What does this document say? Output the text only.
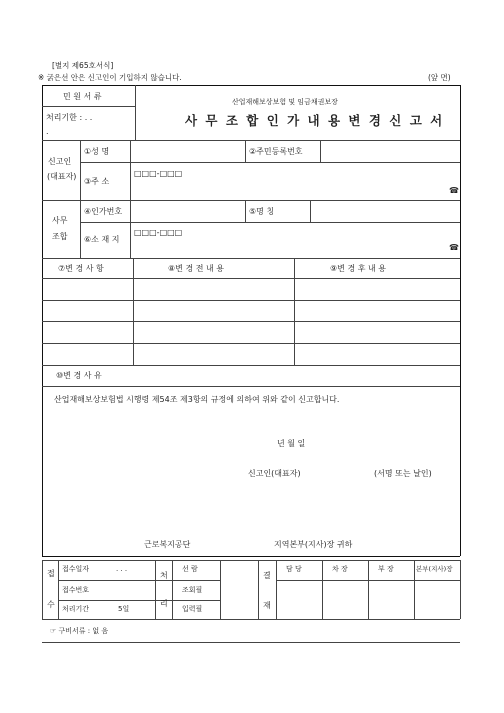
[별지 제65호서식]
※ 굵은선 안은 신고인이 기입하지 않습니다.	(앞 면)
민 원 서 류
처리기한 : . .
.
산업재해보상보험 및 임금채권보장
사 무 조 합 인 가 내 용 변 경 신 고 서
신고인
(대표자)
①성 명	②주민등록번호
③주 소
□□□-□□□
☎
사무
조합
④인가번호	⑤명 칭
⑥소 재 지
□□□-□□□
☎
⑦변 경 사 항	⑧변 경 전 내 용	⑨변 경 후 내 용
⑩변 경 사 유
산업재해보상보험법 시행령 제54조 제3항의 규정에 의하여 위와 같이 신고합니다.
년 월 일
신고인(대표자)	(서명 또는 날인)
근로복지공단	지역본부(지사)장 귀하
접
수
접수일자	. . .
접수번호
처리기간	5일
처
리
선 람
조회필
입력필
결
재
담 당	차 장	부 장	본부(지사)장
☞ 구비서류 : 없 음
